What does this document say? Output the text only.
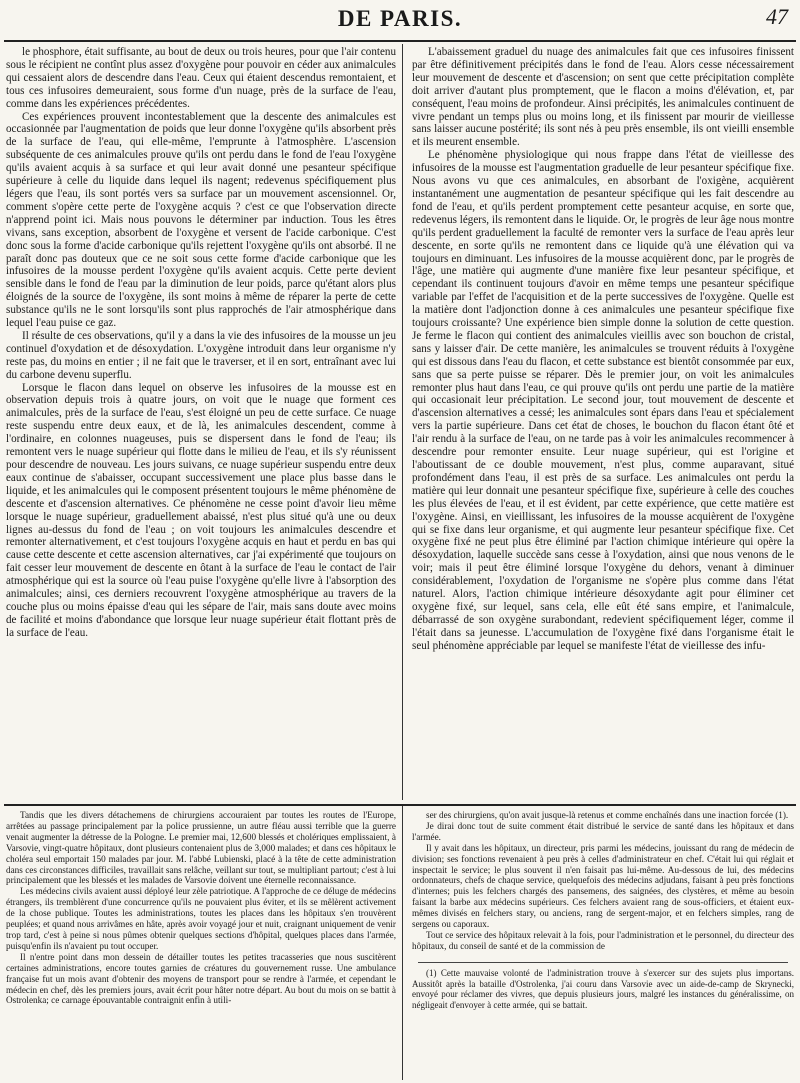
DE PARIS.	47

le phosphore, était suffisante, au bout de deux ou trois heures, pour que l'air contenu sous le récipient ne contînt plus assez d'oxygène pour pouvoir en céder aux animalcules qui cessaient alors de descendre dans l'eau. Ceux qui étaient descendus remontaient, et tous ces infusoires demeuraient, sous forme d'un nuage, près de la surface de l'eau, comme dans les expériences précédentes.

Ces expériences prouvent incontestablement que la descente des animalcules est occasionnée par l'augmentation de poids que leur donne l'oxygène qu'ils absorbent près de la surface de l'eau, qui elle-même, l'emprunte à l'atmosphère. L'ascension subséquente de ces animalcules prouve qu'ils ont perdu dans le fond de l'eau l'oxygène qu'ils avaient acquis à sa surface et qui leur avait donné une pesanteur spécifique supérieure à celle du liquide dans lequel ils nagent; redevenus spécifiquement plus légers que l'eau, ils sont portés vers sa surface par un mouvement ascensionnel. Or, comment s'opère cette perte de l'oxygène acquis ? c'est ce que l'observation directe n'apprend point ici. Mais nous pouvons le déterminer par induction. Tous les êtres vivans, sans exception, absorbent de l'oxygène et versent de l'acide carbonique. C'est donc sous la forme d'acide carbonique qu'ils rejettent l'oxygène qu'ils ont absorbé. Il ne paraît donc pas douteux que ce ne soit sous cette forme d'acide carbonique que les infusoires de la mousse perdent l'oxygène qu'ils avaient acquis. Cette perte devient sensible dans le fond de l'eau par la diminution de leur poids, parce qu'étant alors plus éloignés de la source de l'oxygène, ils sont moins à même de réparer la perte de cette substance qu'ils ne le sont lorsqu'ils sont plus rapprochés de l'air atmosphérique dans lequel l'eau puise ce gaz.

Il résulte de ces observations, qu'il y a dans la vie des infusoires de la mousse un jeu continuel d'oxydation et de désoxydation. L'oxygène introduit dans leur organisme n'y reste pas, du moins en entier ; il ne fait que le traverser, et il en sort, entraînant avec lui du carbone devenu superflu.

Lorsque le flacon dans lequel on observe les infusoires de la mousse est en observation depuis trois à quatre jours, on voit que le nuage que forment ces animalcules, près de la surface de l'eau, s'est éloigné un peu de cette surface. Ce nuage reste suspendu entre deux eaux, et de là, les animalcules descendent, comme à l'ordinaire, en colonnes nuageuses, puis se dispersent dans le fond de l'eau; ils remontent vers le nuage supérieur qui flotte dans le milieu de l'eau, et ils s'y réunissent pour descendre de nouveau. Les jours suivans, ce nuage supérieur suspendu entre deux eaux continue de s'abaisser, occupant successivement une place plus basse dans le liquide, et les animalcules qui le composent présentent toujours le même phénomène de descente et d'ascension alternatives. Ce phénomène ne cesse point d'avoir lieu même lorsque le nuage supérieur, graduellement abaissé, n'est plus situé qu'à une ou deux lignes au-dessus du fond de l'eau ; on voit toujours les animalcules descendre et remonter alternativement, et c'est toujours l'oxygène acquis en haut et perdu en bas qui cause cette descente et cette ascension alternatives, car j'ai expérimenté que toujours on fait cesser leur mouvement de descente en ôtant à la surface de l'eau le contact de l'air atmosphérique qui est la source où l'eau puise l'oxygène qu'elle livre à l'absorption des animalcules; ainsi, ces derniers recouvrent l'oxygène atmosphérique au travers de la couche plus ou moins épaisse d'eau qui les sépare de l'air, mais sans doute avec moins de facilité et moins d'abondance que lorsque leur nuage supérieur était flottant près de la surface de l'eau.

L'abaissement graduel du nuage des animalcules fait que ces infusoires finissent par être définitivement précipités dans le fond de l'eau. Alors cesse nécessairement leur mouvement de descente et d'ascension; on sent que cette précipitation complète doit arriver d'autant plus promptement, que le flacon a moins d'élévation, et, par conséquent, l'eau moins de profondeur. Ainsi précipités, les animalcules continuent de vivre pendant un temps plus ou moins long, et ils finissent par mourir de vieillesse sans laisser aucune postérité; ils sont nés à peu près ensemble, ils ont vieilli ensemble et ils meurent ensemble.

Le phénomène physiologique qui nous frappe dans l'état de vieillesse des infusoires de la mousse est l'augmentation graduelle de leur pesanteur spécifique fixe. Nous avons vu que ces animalcules, en absorbant de l'oxigène, acquièrent instantanément une augmentation de pesanteur spécifique qui les fait descendre au fond de l'eau, et qu'ils perdent promptement cette pesanteur acquise, en sorte que, redevenus légers, ils remontent dans le liquide. Or, le progrès de leur âge nous montre qu'ils perdent graduellement la faculté de remonter vers la surface de l'eau après leur descente, en sorte qu'ils ne remontent dans ce liquide qu'à une élévation qui va toujours en diminuant. Les infusoires de la mousse acquièrent donc, par le progrès de l'âge, une matière qui augmente d'une manière fixe leur pesanteur spécifique, et cependant ils continuent toujours d'avoir en même temps une pesanteur spécifique variable par l'effet de l'acquisition et de la perte successives de l'oxygène. Quelle est la matière dont l'adjonction donne à ces animalcules une pesanteur spécifique fixe toujours croissante? Une expérience bien simple donne la solution de cette question. Je ferme le flacon qui contient des animalcules vieillis avec son bouchon de cristal, sans y laisser d'air. De cette manière, les animalcules se trouvent réduits à l'oxygène qui est dissous dans l'eau du flacon, et cette substance est bientôt consommée par eux, sans que sa perte puisse se réparer. Dès le premier jour, on voit les animalcules remonter plus haut dans l'eau, ce qui prouve qu'ils ont perdu une partie de la matière qui occasionait leur précipitation. Le second jour, tout mouvement de descente et d'ascension alternatives a cessé; les animalcules sont épars dans l'eau et spécialement vers la partie supérieure. Dans cet état de choses, le bouchon du flacon étant ôté et l'air rendu à la surface de l'eau, on ne tarde pas à voir les animalcules recommencer à descendre pour remonter ensuite. Leur nuage supérieur, qui est l'origine et l'aboutissant de ce double mouvement, n'est plus, comme auparavant, situé profondément dans l'eau, il est près de sa surface. Les animalcules ont perdu la matière qui leur donnait une pesanteur spécifique fixe, supérieure à celle des couches les plus élevées de l'eau, et il est évident, par cette expérience, que cette matière est l'oxygène. Ainsi, en vieillissant, les infusoires de la mousse acquièrent de l'oxygène qui se fixe dans leur organisme, et qui augmente leur pesanteur spécifique fixe. Cet oxygène fixé ne peut plus être éliminé par l'action chimique intérieure qui opère la désoxydation, laquelle succède sans cesse à l'oxydation, ainsi que nous venons de le voir; mais il peut être éliminé lorsque l'oxygène du dehors, venant à diminuer considérablement, l'oxydation de l'organisme ne s'opère plus comme dans l'état naturel. Alors, l'action chimique intérieure désoxydante agit pour éliminer cet oxygène fixé, sur lequel, sans cela, elle eût été sans empire, et l'animalcule, débarrassé de son oxygène surabondant, redevient spécifiquement léger, comme il l'était dans sa jeunesse. L'accumulation de l'oxygène fixé dans l'organisme était le seul phénomène appréciable par lequel se manifeste l'état de vieillesse des infu-

Tandis que les divers détachemens de chirurgiens accouraient par toutes les routes de l'Europe, arrêtées au passage principalement par la police prussienne, un autre fléau aussi terrible que la guerre venait augmenter la détresse de la Pologne. Le premier mai, 12,600 blessés et cholériques emplissaient, à Varsovie, vingt-quatre hôpitaux, dont plusieurs contenaient plus de 3,000 malades; et dans ces hôpitaux le choléra seul emportait 150 malades par jour. M. l'abbé Lubienski, placé à la tête de cette administration dans ces circonstances difficiles, travaillait sans relâche, veillant sur tout, se multipliant partout; c'est à lui principalement que les blessés et les malades de Varsovie doivent une éternelle reconnaissance.

Les médecins civils avaient aussi déployé leur zèle patriotique. A l'approche de ce déluge de médecins étrangers, ils tremblèrent d'une concurrence qu'ils ne pouvaient plus éviter, et ils se mêlèrent activement de la chose publique. Toutes les administrations, toutes les places dans les hôpitaux s'en trouvèrent peuplées; et quand nous arrivâmes en hâte, après avoir voyagé jour et nuit, craignant uniquement de venir trop tard, c'est à peine si nous pûmes obtenir quelques sections d'hôpital, quelques places dans l'armée, puisqu'enfin ils n'avaient pu tout occuper.

Il n'entre point dans mon dessein de détailler toutes les petites tracasseries que nous suscitèrent certaines administrations, encore toutes garnies de créatures du gouvernement russe. Une ambulance française fut un mois avant d'obtenir des moyens de transport pour se rendre à l'armée, et cependant le médecin en chef, dès les premiers jours, avait écrit pour hâter notre départ. Au bout du mois on se battit à Ostrolenka; ce carnage épouvantable contraignit enfin à utili-

ser des chirurgiens, qu'on avait jusque-là retenus et comme enchaînés dans une inaction forcée (1).

Je dirai donc tout de suite comment était distribué le service de santé dans les hôpitaux et dans l'armée.

Il y avait dans les hôpitaux, un directeur, pris parmi les médecins, jouissant du rang de médecin de division; ses fonctions revenaient à peu près à celles d'administrateur en chef. C'était lui qui réglait et inspectait le service; le plus souvent il n'en faisait pas lui-même. Au-dessous de lui, des médecins ordonnateurs, chefs de chaque service, quelquefois des médecins adjudans, faisant à peu près fonctions d'internes; puis les felchers chargés des pansemens, des saignées, des clystères, et même au besoin faisant la barbe aux médecins supérieurs. Ces felchers avaient rang de sous-officiers, et étaient eux-mêmes divisés en felchers stary, ou anciens, rang de sergent-major, et en felchers simples, rang de sergens ou caporaux.

Tout ce service des hôpitaux relevait à la fois, pour l'administration et le personnel, du directeur des hôpitaux, du conseil de santé et de la commission de

(1) Cette mauvaise volonté de l'administration trouve à s'exercer sur des sujets plus importans. Aussitôt après la bataille d'Ostrolenka, j'ai couru dans Varsovie avec un aide-de-camp de Skrynecki, envoyé pour réclamer des vivres, que depuis plusieurs jours, malgré les instances du généralissime, on négligeait d'envoyer à cette armée, qui se battait.
